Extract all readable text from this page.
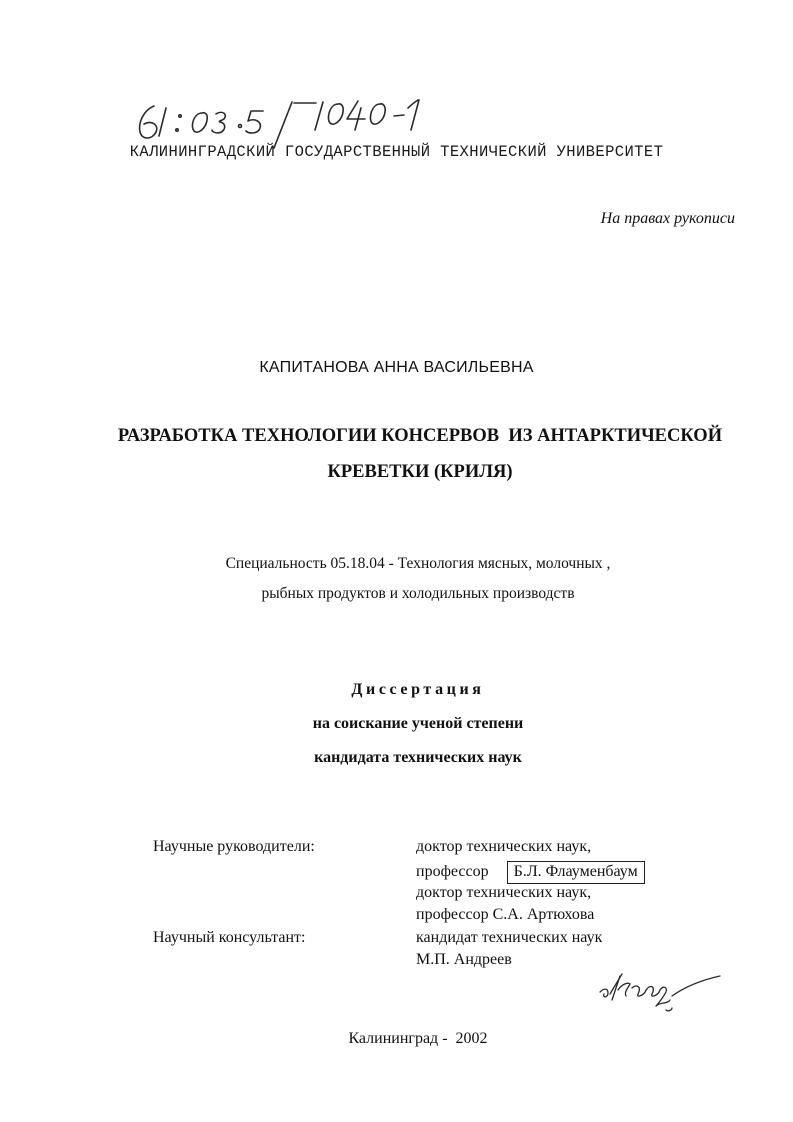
КАЛИНИНГРАДСКИЙ ГОСУДАРСТВЕННЫЙ ТЕХНИЧЕСКИЙ УНИВЕРСИТЕТ
На правах рукописи
КАПИТАНОВА АННА ВАСИЛЬЕВНА
РАЗРАБОТКА ТЕХНОЛОГИИ КОНСЕРВОВ  ИЗ АНТАРКТИЧЕСКОЙ
КРЕВЕТКИ (КРИЛЯ)
Специальность 05.18.04 - Технология мясных, молочных ,
рыбных продуктов и холодильных производств
Диссертация
на соискание ученой степени
кандидата технических наук
Научные руководители:	доктор технических наук,
профессор Б.Л. Флауменбаум
доктор технических наук,
профессор С.А. Артюхова
Научный консультант:	кандидат технических наук
М.П. Андреев
Калининград -  2002
